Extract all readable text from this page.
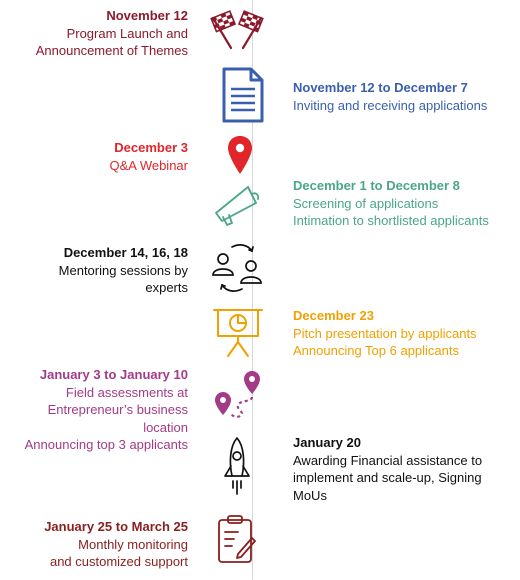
November 12
Program Launch and
Announcement of Themes
November 12 to December 7
Inviting and receiving applications
December 3
Q&A Webinar
December 1 to December 8
Screening of applications
Intimation to shortlisted applicants
December 14, 16, 18
Mentoring sessions by
experts
December 23
Pitch presentation by applicants
Announcing Top 6 applicants
January 3 to January 10
Field assessments at
Entrepreneur’s business
location
Announcing top 3 applicants	January 20
Awarding Financial assistance to
implement and scale-up, Signing
MoUs
January 25 to March 25
Monthly monitoring
and customized support
